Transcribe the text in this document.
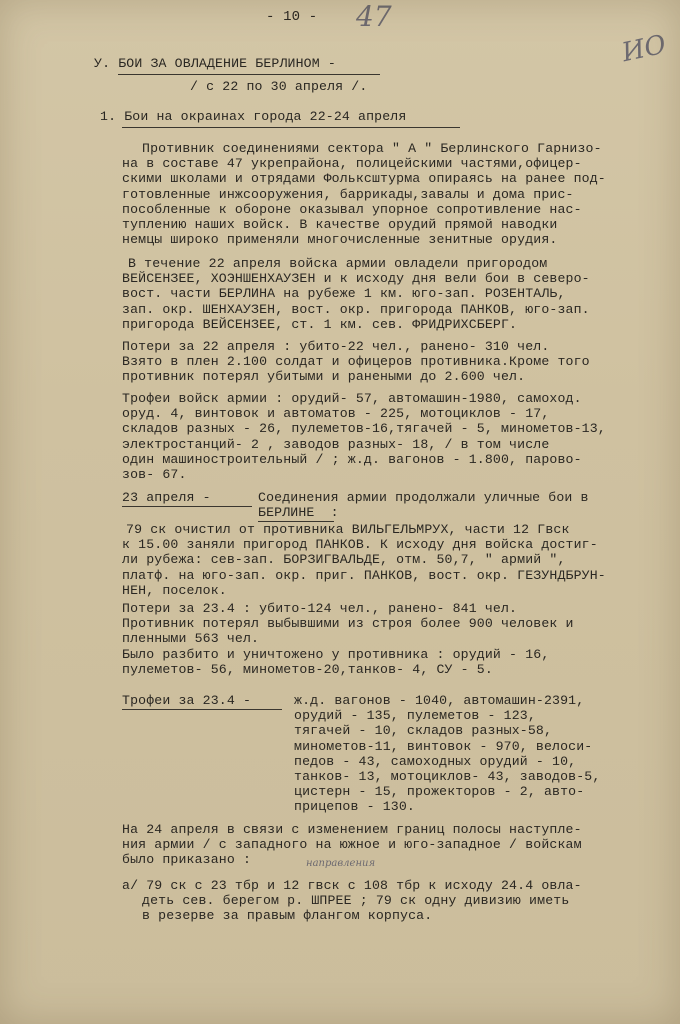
- 10 - 47
ИО
У. БОИ ЗА ОВЛАДЕНИЕ БЕРЛИНОМ -
/ с 22 по 30 апреля /.
1. Бои на окраинах города 22-24 апреля
Противник соединениями сектора " А " Берлинского Гарнизо-
на в составе 47 укрепрайона, полицейскими частями,офицер-
скими школами и отрядами Фольксштурма опираясь на ранее под-
готовленные инжсооружения, баррикады,завалы и дома прис-
пособленные к обороне оказывал упорное сопротивление нас-
туплению наших войск. В качестве орудий прямой наводки
немцы широко применяли многочисленные зенитные орудия.
В течение 22 апреля войска армии овладели пригородом
ВЕЙСЕНЗЕЕ, ХОЭНШЕНХАУЗЕН и к исходу дня вели бои в северо-
вост. части БЕРЛИНА на рубеже 1 км. юго-зап. РОЗЕНТАЛЬ,
зап. окр. ШЕНХАУЗЕН, вост. окр. пригорода ПАНКОВ, юго-зап.
пригорода ВЕЙСЕНЗЕЕ, ст. 1 км. сев. ФРИДРИХСБЕРГ.
Потери за 22 апреля : убито-22 чел., ранено- 310 чел.
Взято в плен 2.100 солдат и офицеров противника.Кроме того
противник потерял убитыми и ранеными до 2.600 чел.
Трофеи войск армии : орудий- 57, автомашин-1980, самоход.
оруд. 4, винтовок и автоматов - 225, мотоциклов - 17,
складов разных - 26, пулеметов-16,тягачей - 5, минометов-13,
электростанций- 2 , заводов разных- 18, / в том числе
один машиностроительный / ; ж.д. вагонов - 1.800, парово-
зов- 67.
23 апреля -	Соединения армии продолжали уличные бои в
БЕРЛИНЕ  :
79 ск очистил от противника ВИЛЬГЕЛЬМРУХ, части 12 Гвск
к 15.00 заняли пригород ПАНКОВ. К исходу дня войска достиг-
ли рубежа: сев-зап. БОРЗИГВАЛЬДЕ, отм. 50,7, " армий ",
платф. на юго-зап. окр. приг. ПАНКОВ, вост. окр. ГЕЗУНДБРУН-
НЕН, поселок.
Потери за 23.4 : убито-124 чел., ранено- 841 чел.
Противник потерял выбывшими из строя более 900 человек и
пленными 563 чел.
Было разбито и уничтожено у противника : орудий - 16,
пулеметов- 56, минометов-20,танков- 4, СУ - 5.
Трофеи за 23.4 -	ж.д. вагонов - 1040, автомашин-2391,
орудий - 135, пулеметов - 123,
тягачей - 10, складов разных-58,
минометов-11, винтовок - 970, велоси-
педов - 43, самоходных орудий - 10,
танков- 13, мотоциклов- 43, заводов-5,
цистерн - 15, прожекторов - 2, авто-
прицепов - 130.
На 24 апреля в связи с изменением границ полосы наступле-
ния армии / с западного на южное и юго-западное / войскам
было приказано :	направления
а/ 79 ск с 23 тбр и 12 гвск с 108 тбр к исходу 24.4 овла-
деть сев. берегом р. ШПРЕЕ ; 79 ск одну дивизию иметь
в резерве за правым флангом корпуса.
